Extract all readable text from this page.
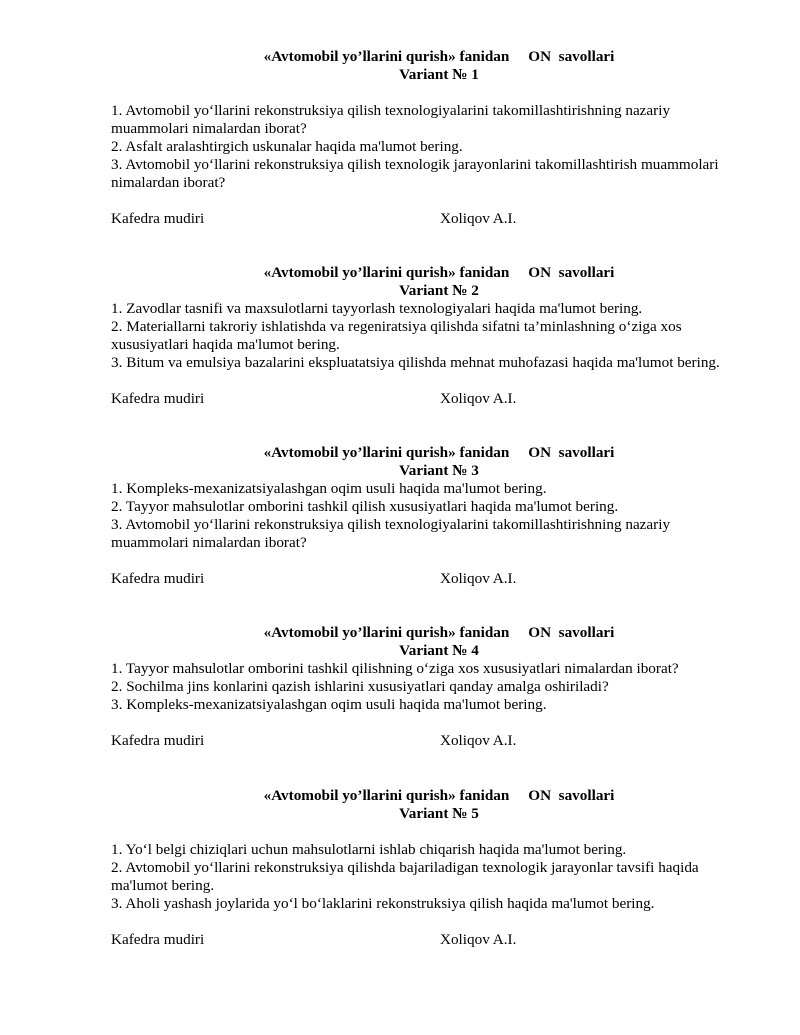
«Avtomobil yo’llarini qurish» fanidan     ON  savollari
Variant № 1

1. Avtomobil yo‘llarini rekonstruksiya qilish texnologiyalarini takomillashtirishning nazariy muammolari nimalardan iborat?

2. Asfalt aralashtirgich uskunalar haqida ma'lumot bering.

3. Avtomobil yo‘llarini rekonstruksiya qilish texnologik jarayonlarini takomillashtirish muammolari nimalardan iborat?

Kafedra mudiri	Xoliqov A.I.
«Avtomobil yo’llarini qurish» fanidan     ON  savollari
Variant № 2

1. Zavodlar tasnifi va maxsulotlarni tayyorlash texnologiyalari haqida ma'lumot bering.

2. Materiallarni takroriy ishlatishda va regeniratsiya qilishda sifatni ta’minlashning o‘ziga xos xususiyatlari haqida ma'lumot bering.

3. Bitum va emulsiya bazalarini ekspluatatsiya qilishda mehnat muhofazasi haqida ma'lumot bering.

Kafedra mudiri	Xoliqov A.I.
«Avtomobil yo’llarini qurish» fanidan     ON  savollari
Variant № 3

1. Kompleks-mexanizatsiyalashgan oqim usuli haqida ma'lumot bering.

2. Tayyor mahsulotlar omborini tashkil qilish xususiyatlari haqida ma'lumot bering.

3. Avtomobil yo‘llarini rekonstruksiya qilish texnologiyalarini takomillashtirishning nazariy muammolari nimalardan iborat?

Kafedra mudiri	Xoliqov A.I.
«Avtomobil yo’llarini qurish» fanidan     ON  savollari
Variant № 4

1. Tayyor mahsulotlar omborini tashkil qilishning o‘ziga xos xususiyatlari nimalardan iborat?

2. Sochilma jins konlarini qazish ishlarini xususiyatlari qanday amalga oshiriladi?

3. Kompleks-mexanizatsiyalashgan oqim usuli haqida ma'lumot bering.

Kafedra mudiri	Xoliqov A.I.
«Avtomobil yo’llarini qurish» fanidan     ON  savollari
Variant № 5

1. Yo‘l belgi chiziqlari uchun mahsulotlarni ishlab chiqarish haqida ma'lumot bering.

2. Avtomobil yo‘llarini rekonstruksiya qilishda bajariladigan texnologik jarayonlar tavsifi haqida ma'lumot bering.

3. Aholi yashash joylarida yo‘l bo‘laklarini rekonstruksiya qilish haqida ma'lumot bering.

Kafedra mudiri	Xoliqov A.I.
